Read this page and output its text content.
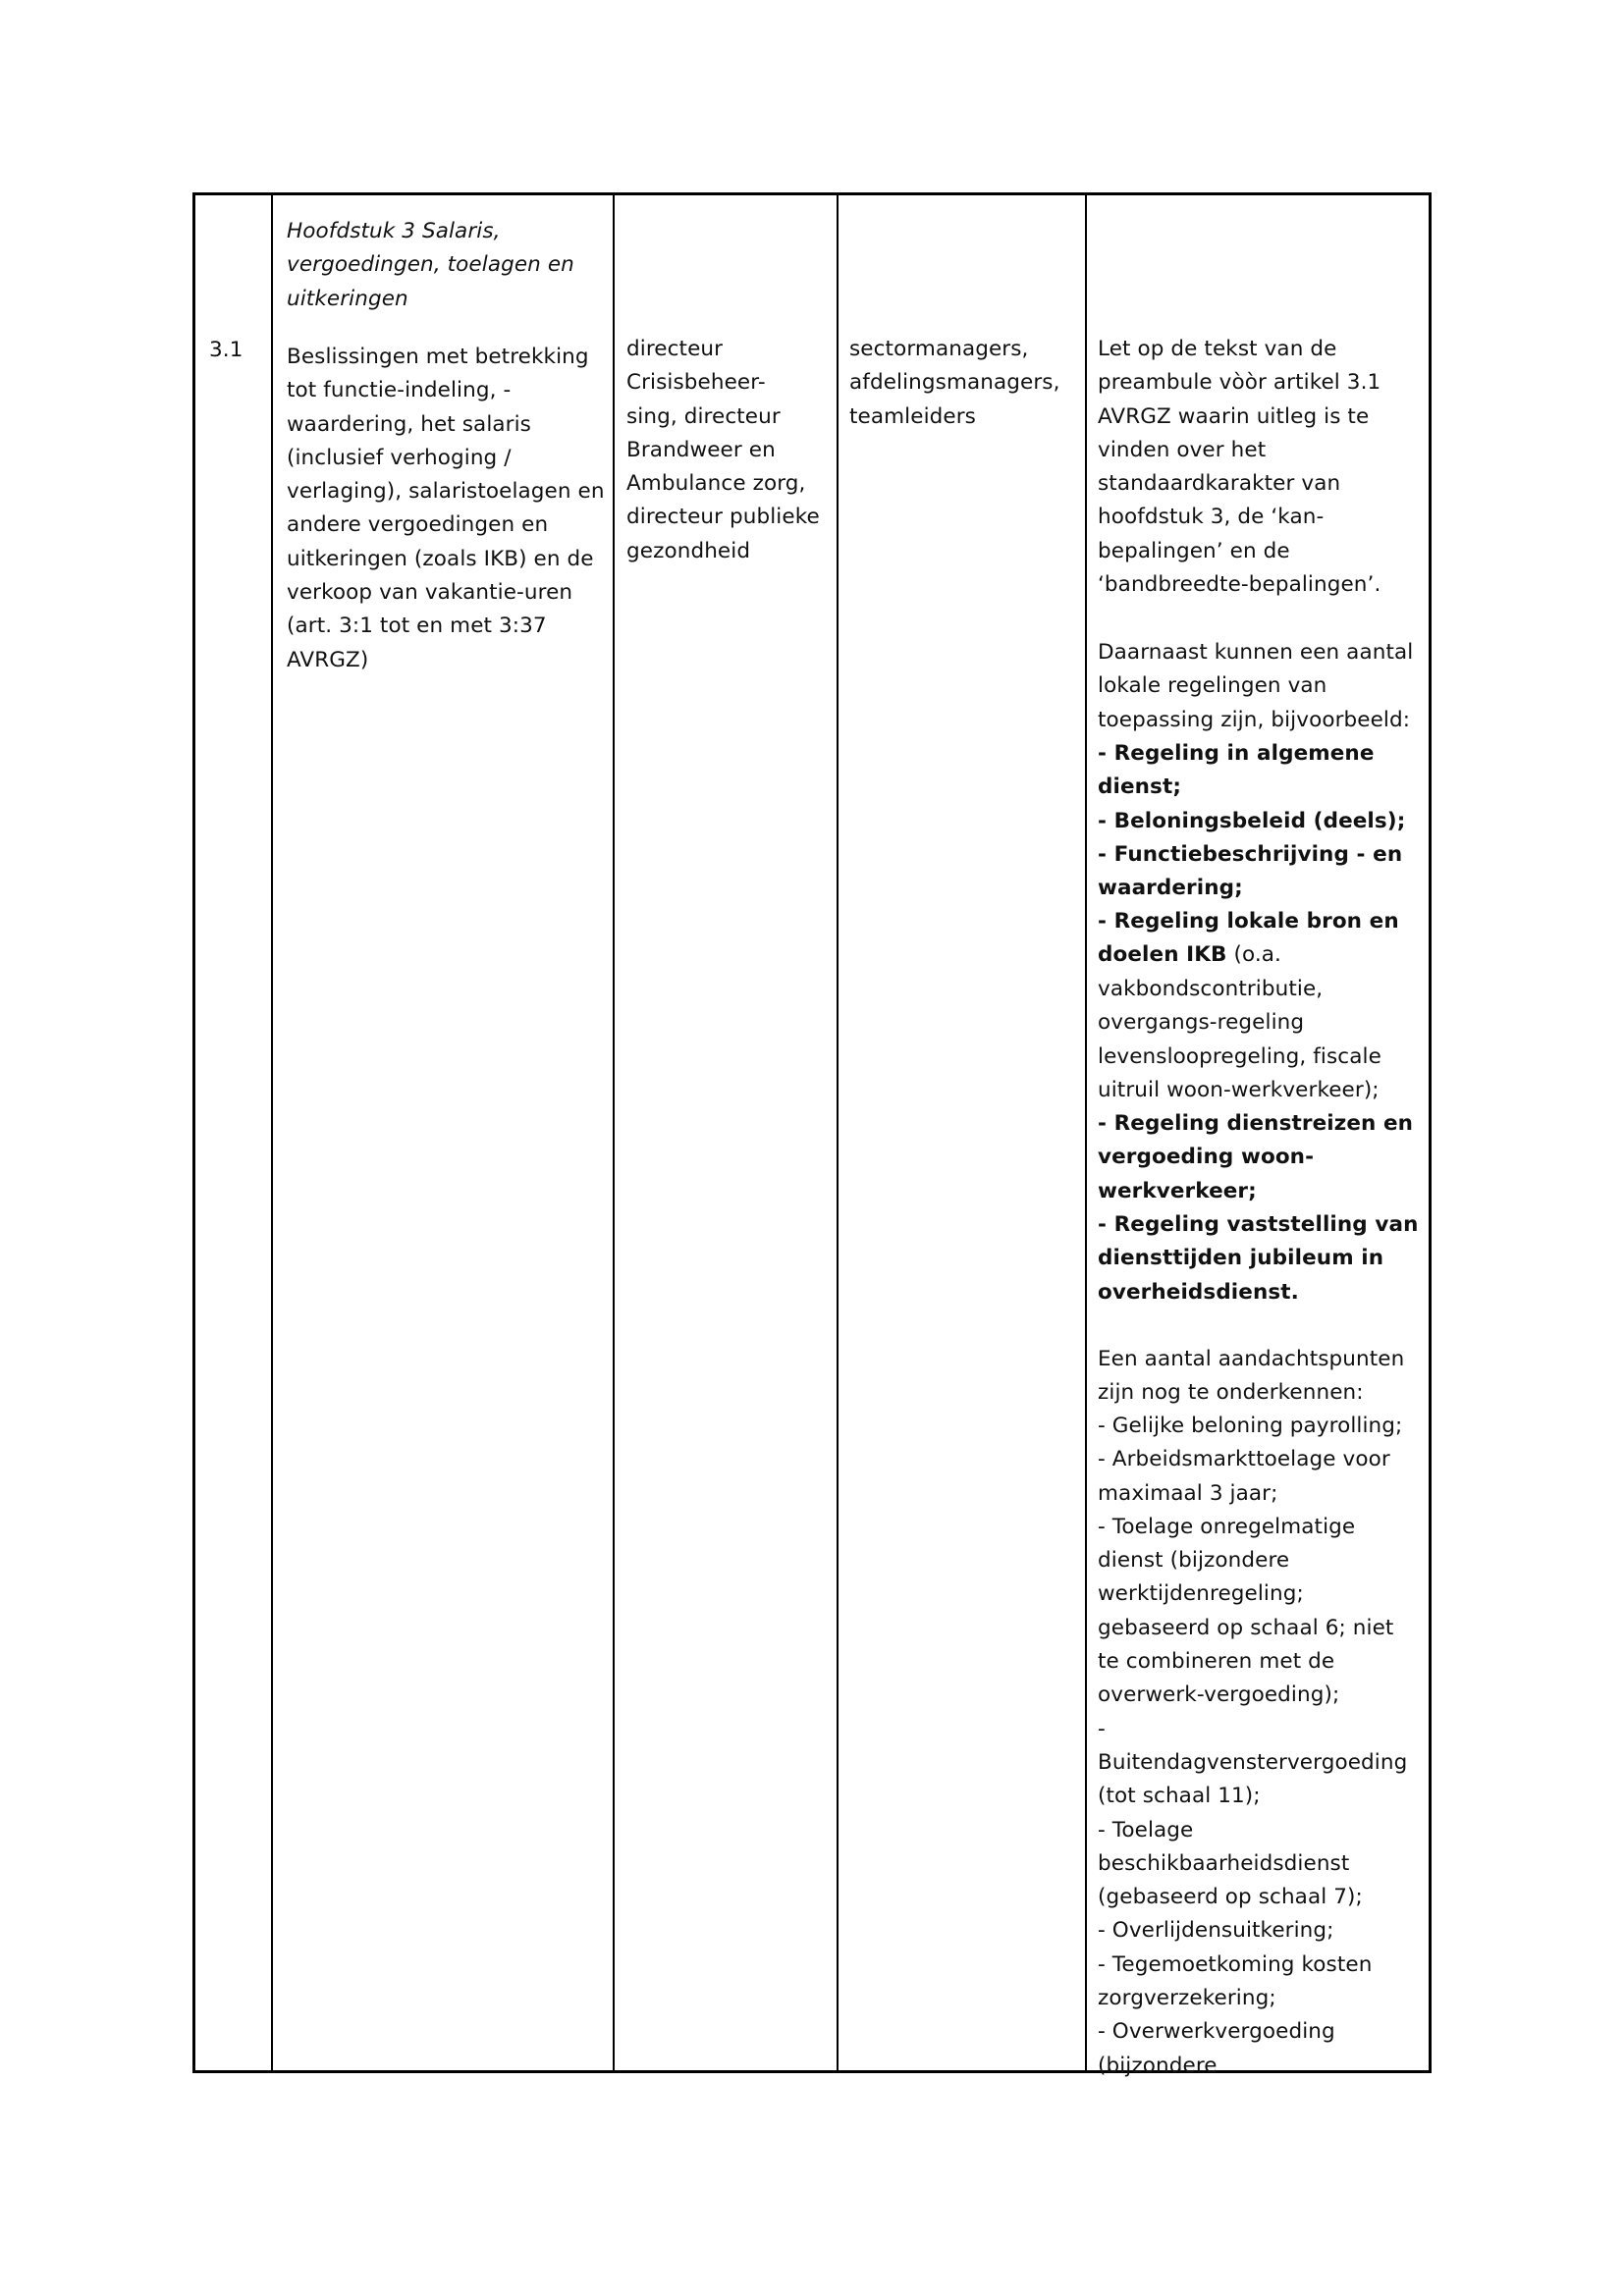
3.1
Hoofdstuk 3 Salaris,
vergoedingen, toelagen en
uitkeringen
Beslissingen met betrekking
tot functie-indeling, -
waardering, het salaris
(inclusief verhoging /
verlaging), salaristoelagen en
andere vergoedingen en
uitkeringen (zoals IKB) en de
verkoop van vakantie-uren
(art. 3:1 tot en met 3:37
AVRGZ)
directeur
Crisisbeheer-
sing, directeur
Brandweer en
Ambulance zorg,
directeur publieke
gezondheid
sectormanagers,
afdelingsmanagers,
teamleiders
Let op de tekst van de
preambule vòòr artikel 3.1
AVRGZ waarin uitleg is te
vinden over het
standaardkarakter van
hoofdstuk 3, de ‘kan-
bepalingen’ en de
‘bandbreedte-bepalingen’.
Daarnaast kunnen een aantal
lokale regelingen van
toepassing zijn, bijvoorbeeld:
- Regeling in algemene
dienst;
- Beloningsbeleid (deels);
- Functiebeschrijving - en
waardering;
- Regeling lokale bron en
doelen IKB (o.a.
vakbondscontributie,
overgangs-regeling
levensloopregeling, fiscale
uitruil woon-werkverkeer);
- Regeling dienstreizen en
vergoeding woon-
werkverkeer;
- Regeling vaststelling van
diensttijden jubileum in
overheidsdienst.
Een aantal aandachtspunten
zijn nog te onderkennen:
- Gelijke beloning payrolling;
- Arbeidsmarkttoelage voor
maximaal 3 jaar;
- Toelage onregelmatige
dienst (bijzondere
werktijdenregeling;
gebaseerd op schaal 6; niet
te combineren met de
overwerk-vergoeding);
-
Buitendagvenstervergoeding
(tot schaal 11);
- Toelage
beschikbaarheidsdienst
(gebaseerd op schaal 7);
- Overlijdensuitkering;
- Tegemoetkoming kosten
zorgverzekering;
- Overwerkvergoeding
(bijzondere
